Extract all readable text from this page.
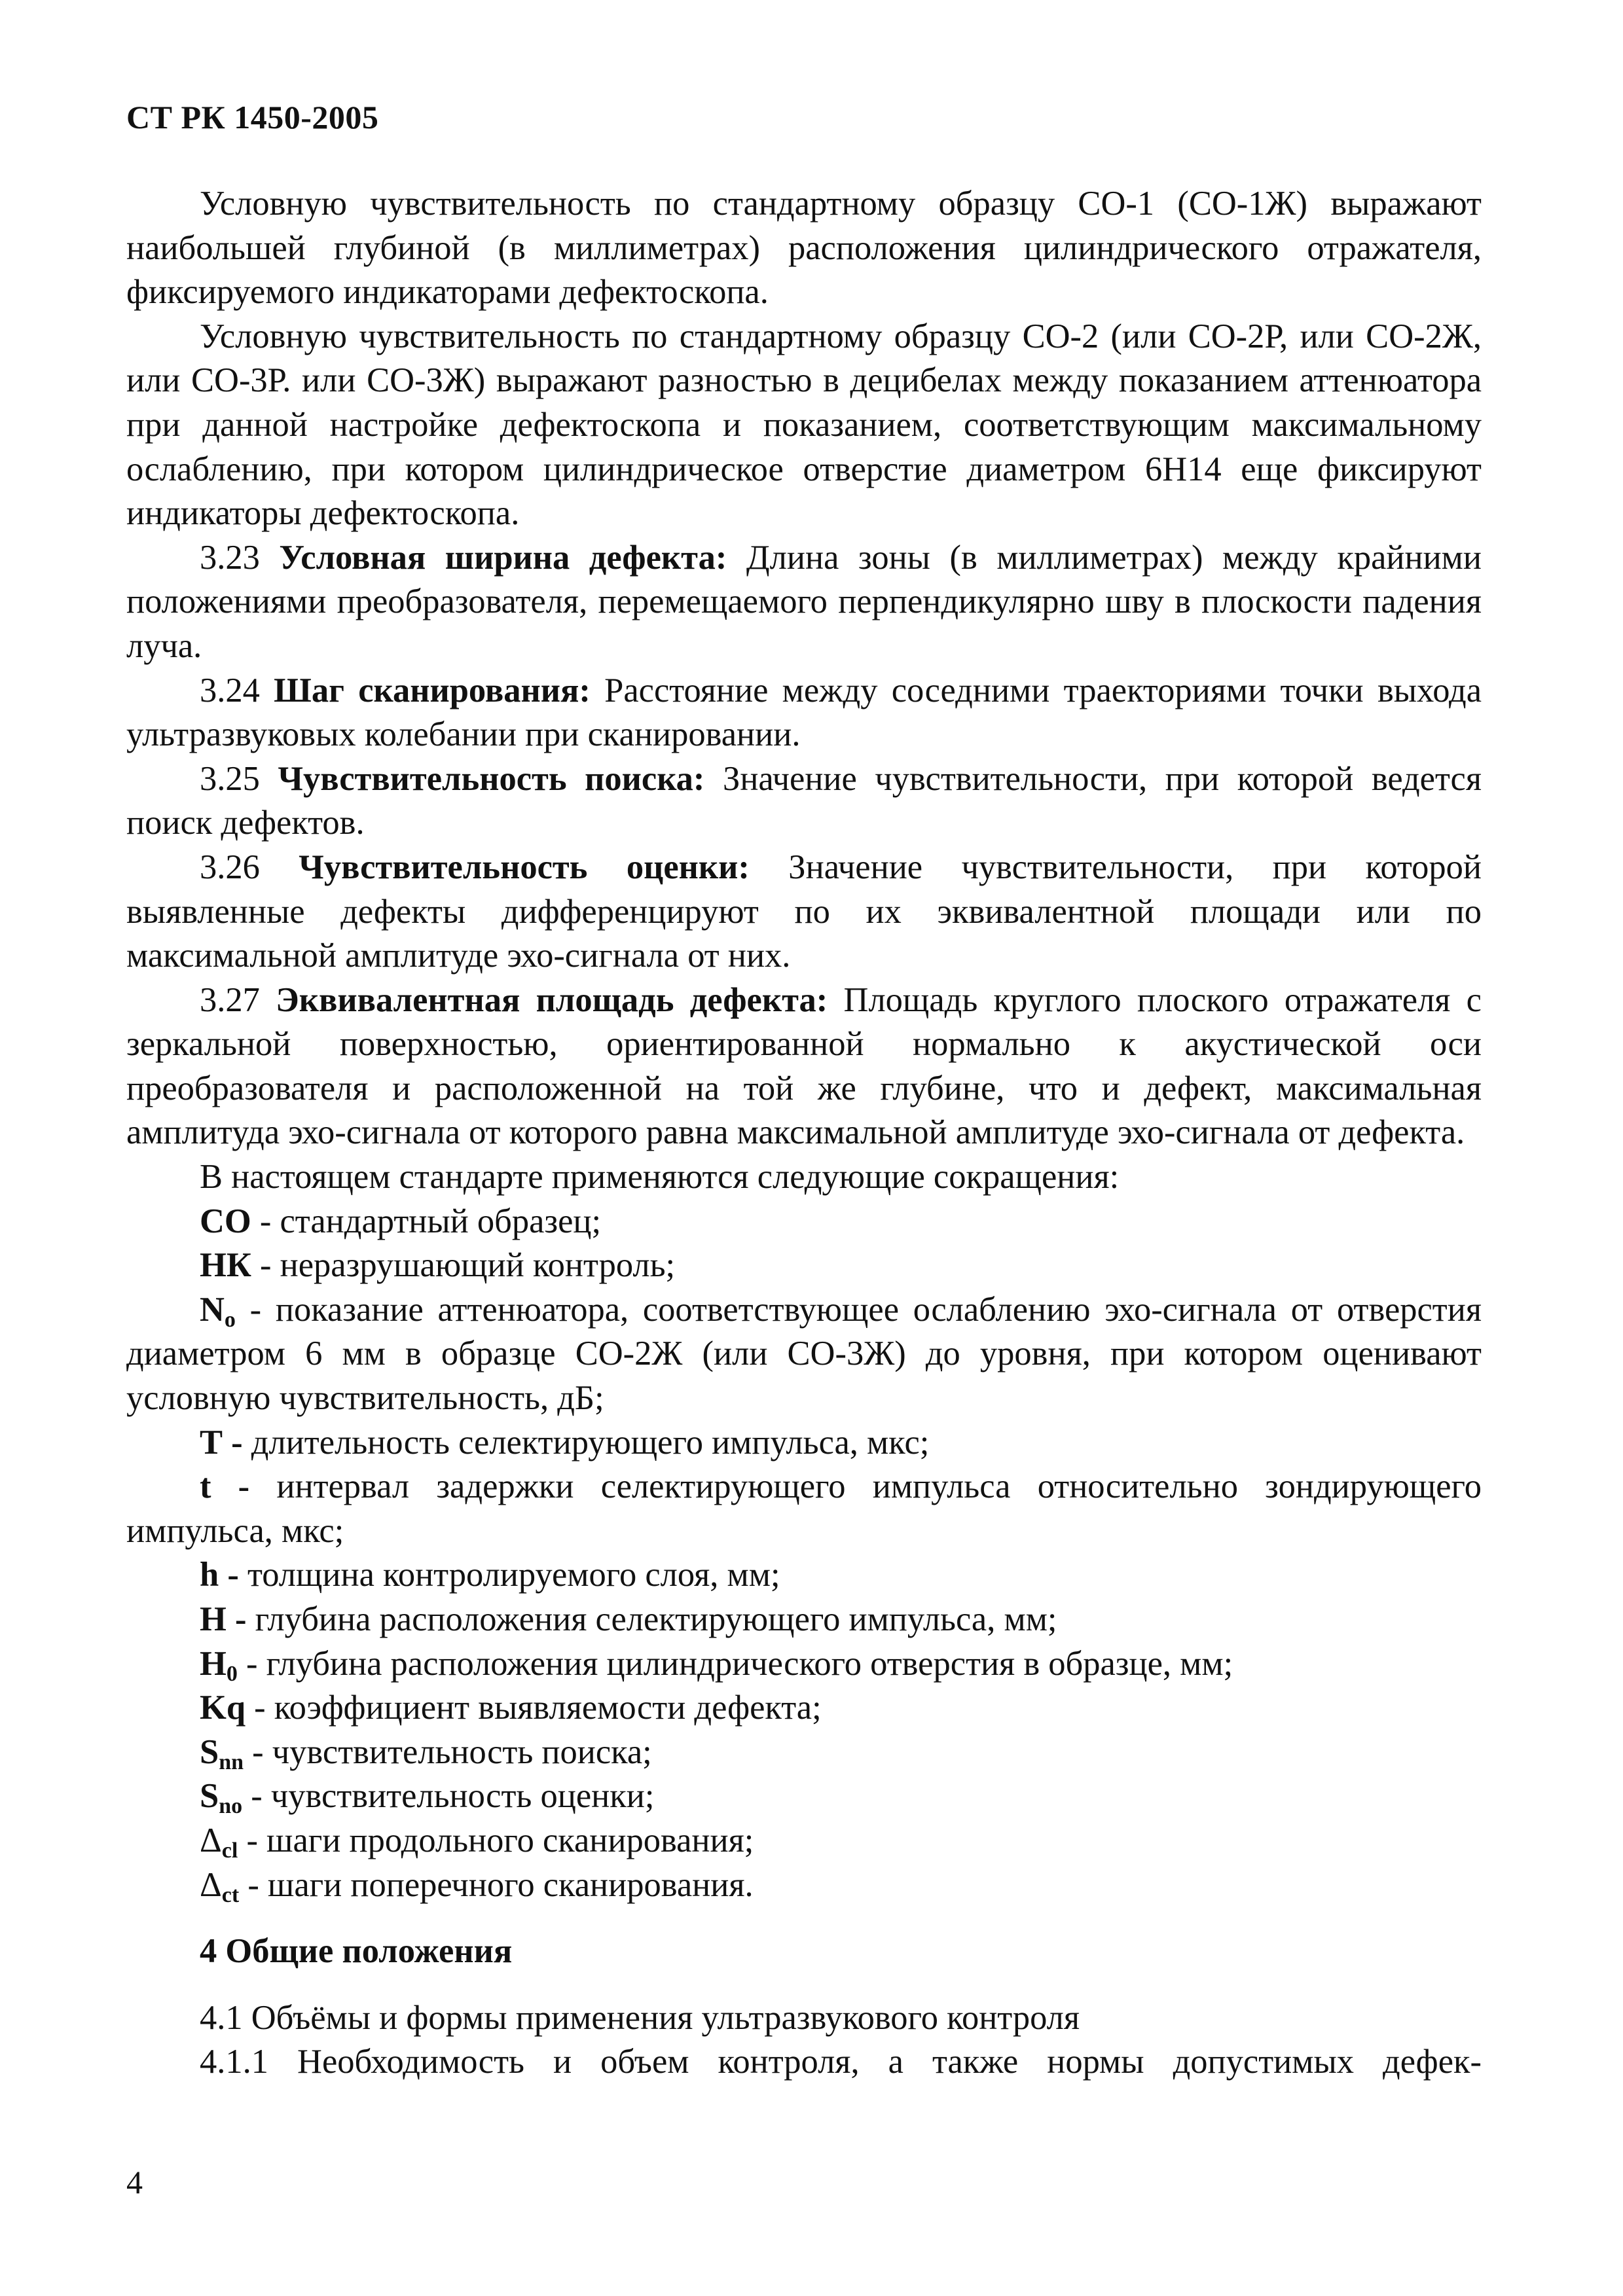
СТ РК 1450-2005

Условную чувствительность по стандартному образцу СО-1 (СО-1Ж) выражают наибольшей глубиной (в миллиметрах) расположения цилиндрического отражателя, фиксируемого индикаторами дефектоскопа.

Условную чувствительность по стандартному образцу СО-2 (или СО-2Р, или СО-2Ж, или СО-3Р. или СО-3Ж) выражают разностью в децибелах между показанием аттенюатора при данной настройке дефектоскопа и показанием, соответствующим максимальному ослаблению, при котором цилиндрическое отверстие диаметром 6Н14 еще фиксируют индикаторы дефектоскопа.

3.23 Условная ширина дефекта: Длина зоны (в миллиметрах) между крайними положениями преобразователя, перемещаемого перпендикулярно шву в плоскости падения луча.

3.24 Шаг сканирования: Расстояние между соседними траекториями точки выхода ультразвуковых колебании при сканировании.

3.25 Чувствительность поиска: Значение чувствительности, при которой ведется поиск дефектов.

3.26 Чувствительность оценки: Значение чувствительности, при которой выявленные дефекты дифференцируют по их эквивалентной площади или по максимальной амплитуде эхо-сигнала от них.

3.27 Эквивалентная площадь дефекта: Площадь круглого плоского отражателя с зеркальной поверхностью, ориентированной нормально к акустической оси преобразователя и расположенной на той же глубине, что и дефект, максимальная амплитуда эхо-сигнала от которого равна максимальной амплитуде эхо-сигнала от дефекта.

В настоящем стандарте применяются следующие сокращения:

СО - стандартный образец;

НК - неразрушающий контроль;

$N_o$ - показание аттенюатора, соответствующее ослаблению эхо-сигнала от отверстия диаметром 6 мм в образце СО-2Ж (или СО-3Ж) до уровня, при котором оценивают условную чувствительность, дБ;

Т - длительность селектирующего импульса, мкс;

t - интервал задержки селектирующего импульса относительно зондирующего импульса, мкс;

h - толщина контролируемого слоя, мм;

H - глубина расположения селектирующего импульса, мм;

$H_0$ - глубина расположения цилиндрического отверстия в образце, мм;

Kq - коэффициент выявляемости дефекта;

$S_{nn}$ - чувствительность поиска;

$S_{no}$ - чувствительность оценки;

$\Delta_{cl}$ - шаги продольного сканирования;

$\Delta_{ct}$ - шаги поперечного сканирования.

4 Общие положения

4.1 Объёмы и формы применения ультразвукового контроля

4.1.1 Необходимость и объем контроля, а также нормы допустимых дефек-

4
